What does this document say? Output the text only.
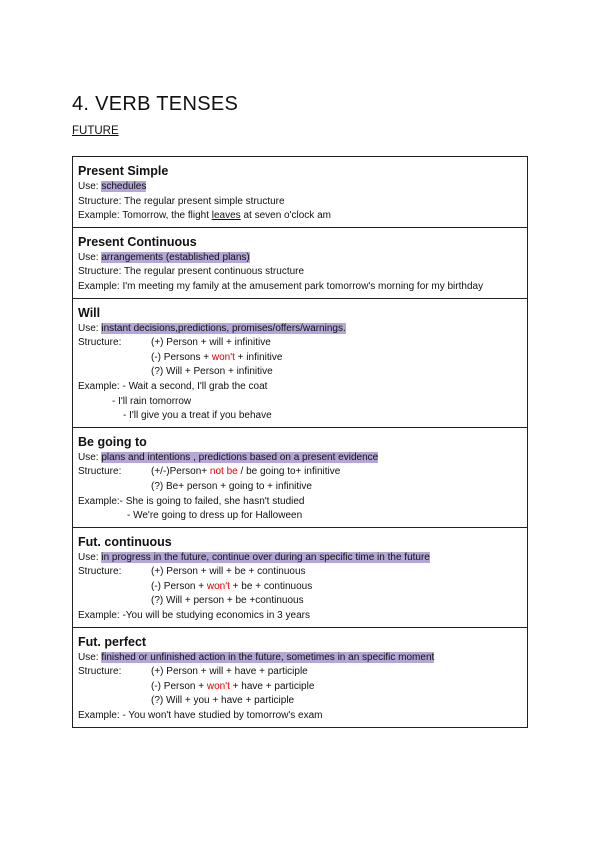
4. VERB TENSES
FUTURE
Present Simple
Use: schedules
Structure: The regular present simple structure
Example: Tomorrow, the flight leaves at seven o'clock am

Present Continuous
Use: arrangements (established plans)
Structure: The regular present continuous structure
Example: I'm meeting my family at the amusement park tomorrow's morning for my birthday

Will
Use: instant decisions,predictions, promises/offers/warnings.
Structure:	(+) Person + will + infinitive
(-) Persons + won't + infinitive
(?) Will + Person + infinitive
Example: - Wait a second, I'll grab the coat
- I'll rain tomorrow
- I'll give you a treat if you behave

Be going to
Use: plans and intentions , predictions based on a present evidence
Structure:	(+/-)Person+ not be / be going to+ infinitive
(?) Be+ person + going to + infinitive
Example:- She is going to failed, she hasn't studied
- We're going to dress up for Halloween

Fut. continuous
Use: in progress in the future, continue over during an specific time in the future
Structure:	(+) Person + will + be + continuous
(-) Person + won't + be + continuous
(?) Will + person + be +continuous
Example: -You will be studying economics in 3 years

Fut. perfect
Use: finished or unfinished action in the future, sometimes in an specific moment
Structure:	(+) Person + will + have + participle
(-) Person + won't + have + participle
(?) Will + you + have + participle
Example: - You won't have studied by tomorrow's exam
